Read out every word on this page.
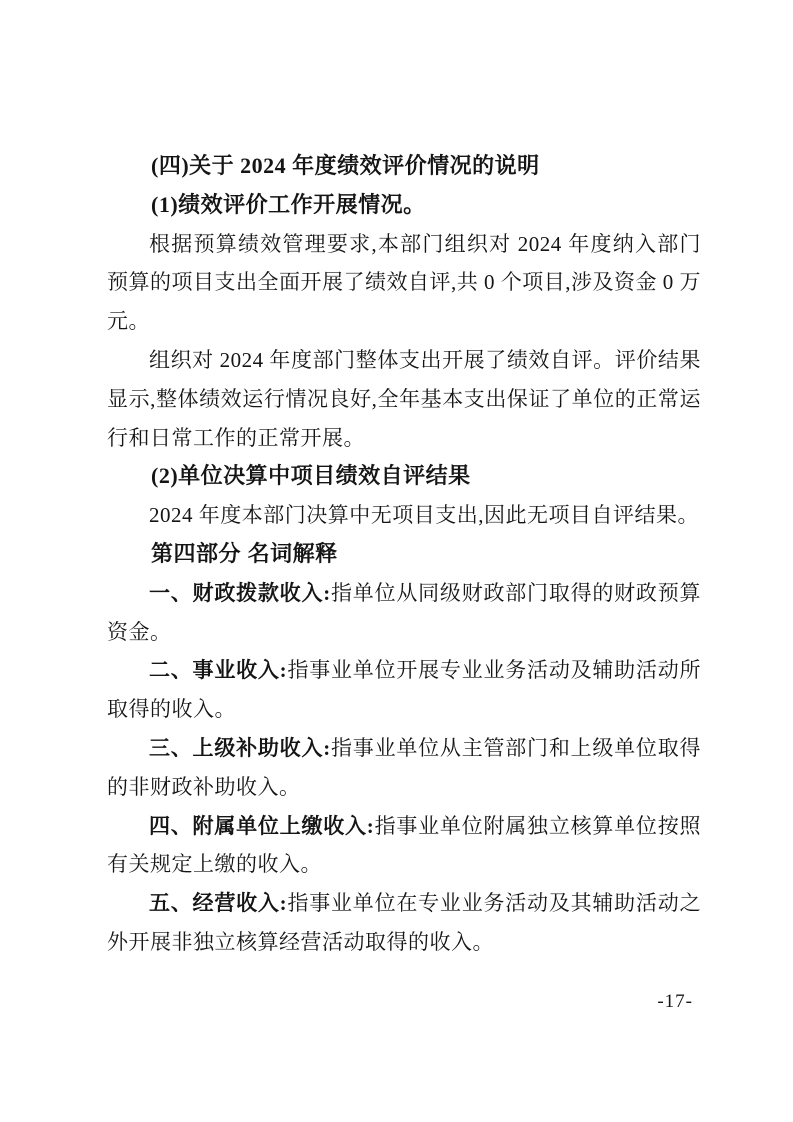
(四)关于 2024 年度绩效评价情况的说明

(1)绩效评价工作开展情况。

根据预算绩效管理要求,本部门组织对 2024 年度纳入部门预算的项目支出全面开展了绩效自评,共 0 个项目,涉及资金 0 万元。

组织对 2024 年度部门整体支出开展了绩效自评。评价结果显示,整体绩效运行情况良好,全年基本支出保证了单位的正常运行和日常工作的正常开展。

(2)单位决算中项目绩效自评结果

2024 年度本部门决算中无项目支出,因此无项目自评结果。

第四部分 名词解释

一、财政拨款收入:指单位从同级财政部门取得的财政预算资金。

二、事业收入:指事业单位开展专业业务活动及辅助活动所取得的收入。

三、上级补助收入:指事业单位从主管部门和上级单位取得的非财政补助收入。

四、附属单位上缴收入:指事业单位附属独立核算单位按照有关规定上缴的收入。

五、经营收入:指事业单位在专业业务活动及其辅助活动之外开展非独立核算经营活动取得的收入。

-17-
